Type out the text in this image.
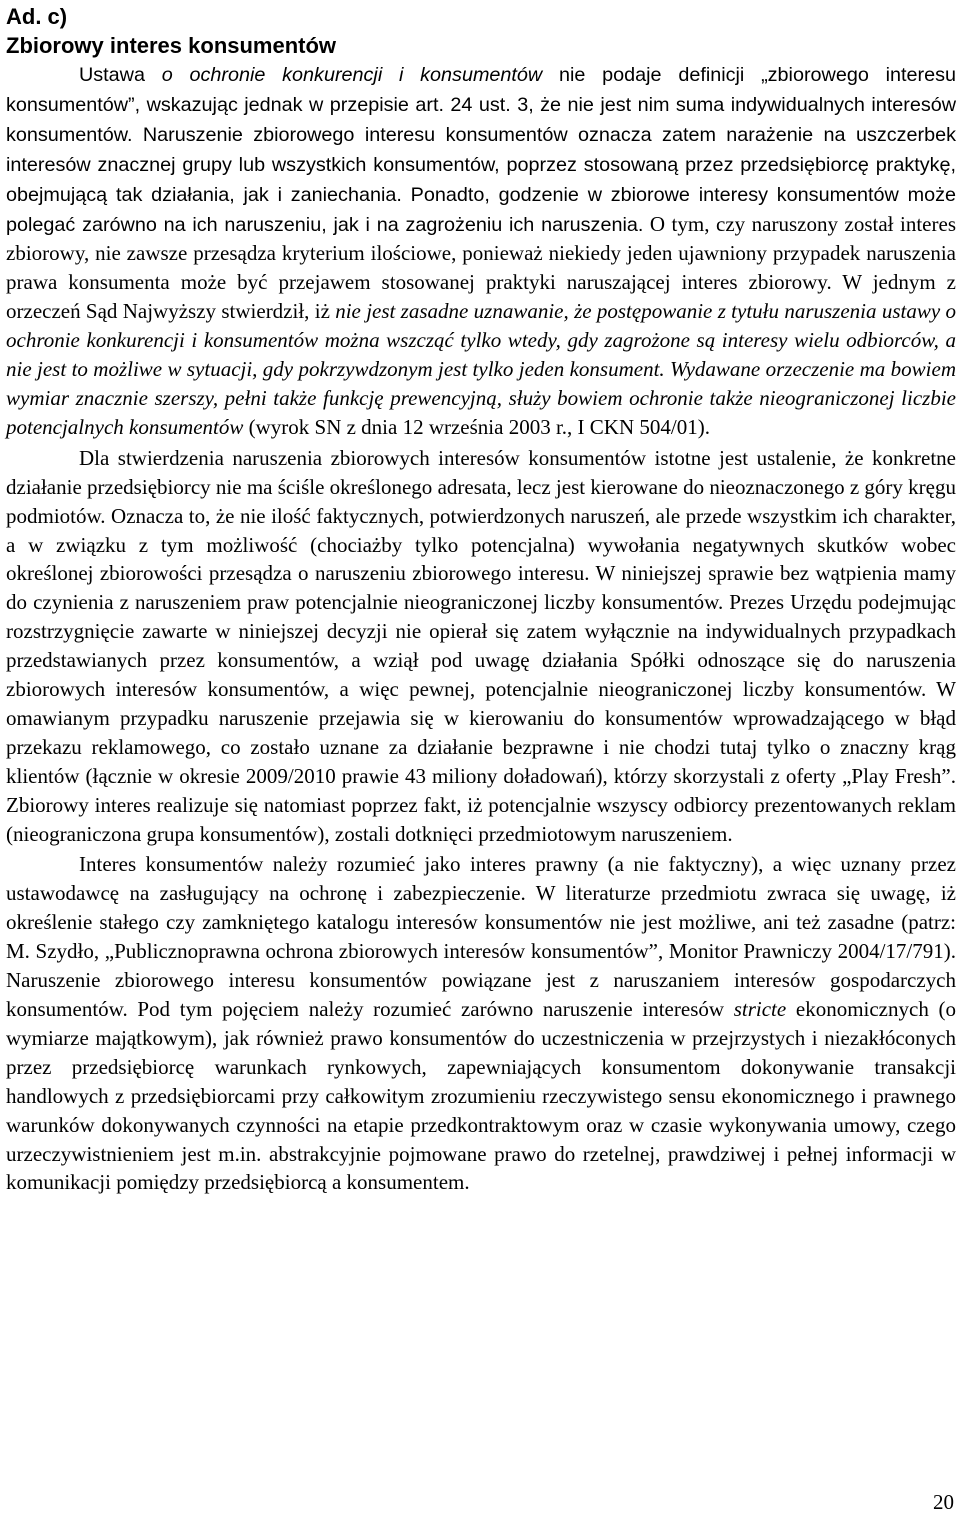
Ad. c)
Zbiorowy interes konsumentów

Ustawa o ochronie konkurencji i konsumentów nie podaje definicji „zbiorowego interesu konsumentów”, wskazując jednak w przepisie art. 24 ust. 3, że nie jest nim suma indywidualnych interesów konsumentów. Naruszenie zbiorowego interesu konsumentów oznacza zatem narażenie na uszczerbek interesów znacznej grupy lub wszystkich konsumentów, poprzez stosowaną przez przedsiębiorcę praktykę, obejmującą tak działania, jak i zaniechania. Ponadto, godzenie w zbiorowe interesy konsumentów może polegać zarówno na ich naruszeniu, jak i na zagrożeniu ich naruszenia. O tym, czy naruszony został interes zbiorowy, nie zawsze przesądza kryterium ilościowe, ponieważ niekiedy jeden ujawniony przypadek naruszenia prawa konsumenta może być przejawem stosowanej praktyki naruszającej interes zbiorowy. W jednym z orzeczeń Sąd Najwyższy stwierdził, iż nie jest zasadne uznawanie, że postępowanie z tytułu naruszenia ustawy o ochronie konkurencji i konsumentów można wszcząć tylko wtedy, gdy zagrożone są interesy wielu odbiorców, a nie jest to możliwe w sytuacji, gdy pokrzywdzonym jest tylko jeden konsument. Wydawane orzeczenie ma bowiem wymiar znacznie szerszy, pełni także funkcję prewencyjną, służy bowiem ochronie także nieograniczonej liczbie potencjalnych konsumentów (wyrok SN z dnia 12 września 2003 r., I CKN 504/01).

Dla stwierdzenia naruszenia zbiorowych interesów konsumentów istotne jest ustalenie, że konkretne działanie przedsiębiorcy nie ma ściśle określonego adresata, lecz jest kierowane do nieoznaczonego z góry kręgu podmiotów. Oznacza to, że nie ilość faktycznych, potwierdzonych naruszeń, ale przede wszystkim ich charakter, a w związku z tym możliwość (chociażby tylko potencjalna) wywołania negatywnych skutków wobec określonej zbiorowości przesądza o naruszeniu zbiorowego interesu. W niniejszej sprawie bez wątpienia mamy do czynienia z naruszeniem praw potencjalnie nieograniczonej liczby konsumentów. Prezes Urzędu podejmując rozstrzygnięcie zawarte w niniejszej decyzji nie opierał się zatem wyłącznie na indywidualnych przypadkach przedstawianych przez konsumentów, a wziął pod uwagę działania Spółki odnoszące się do naruszenia zbiorowych interesów konsumentów, a więc pewnej, potencjalnie nieograniczonej liczby konsumentów. W omawianym przypadku naruszenie przejawia się w kierowaniu do konsumentów wprowadzającego w błąd przekazu reklamowego, co zostało uznane za działanie bezprawne i nie chodzi tutaj tylko o znaczny krąg klientów (łącznie w okresie 2009/2010 prawie 43 miliony doładowań), którzy skorzystali z oferty „Play Fresh”. Zbiorowy interes realizuje się natomiast poprzez fakt, iż potencjalnie wszyscy odbiorcy prezentowanych reklam (nieograniczona grupa konsumentów), zostali dotknięci przedmiotowym naruszeniem.

Interes konsumentów należy rozumieć jako interes prawny (a nie faktyczny), a więc uznany przez ustawodawcę na zasługujący na ochronę i zabezpieczenie. W literaturze przedmiotu zwraca się uwagę, iż określenie stałego czy zamkniętego katalogu interesów konsumentów nie jest możliwe, ani też zasadne (patrz: M. Szydło, „Publicznoprawna ochrona zbiorowych interesów konsumentów”, Monitor Prawniczy 2004/17/791). Naruszenie zbiorowego interesu konsumentów powiązane jest z naruszaniem interesów gospodarczych konsumentów. Pod tym pojęciem należy rozumieć zarówno naruszenie interesów stricte ekonomicznych (o wymiarze majątkowym), jak również prawo konsumentów do uczestniczenia w przejrzystych i niezakłóconych przez przedsiębiorcę warunkach rynkowych, zapewniających konsumentom dokonywanie transakcji handlowych z przedsiębiorcami przy całkowitym zrozumieniu rzeczywistego sensu ekonomicznego i prawnego warunków dokonywanych czynności na etapie przedkontraktowym oraz w czasie wykonywania umowy, czego urzeczywistnieniem jest m.in. abstrakcyjnie pojmowane prawo do rzetelnej, prawdziwej i pełnej informacji w komunikacji pomiędzy przedsiębiorcą a konsumentem.

20
